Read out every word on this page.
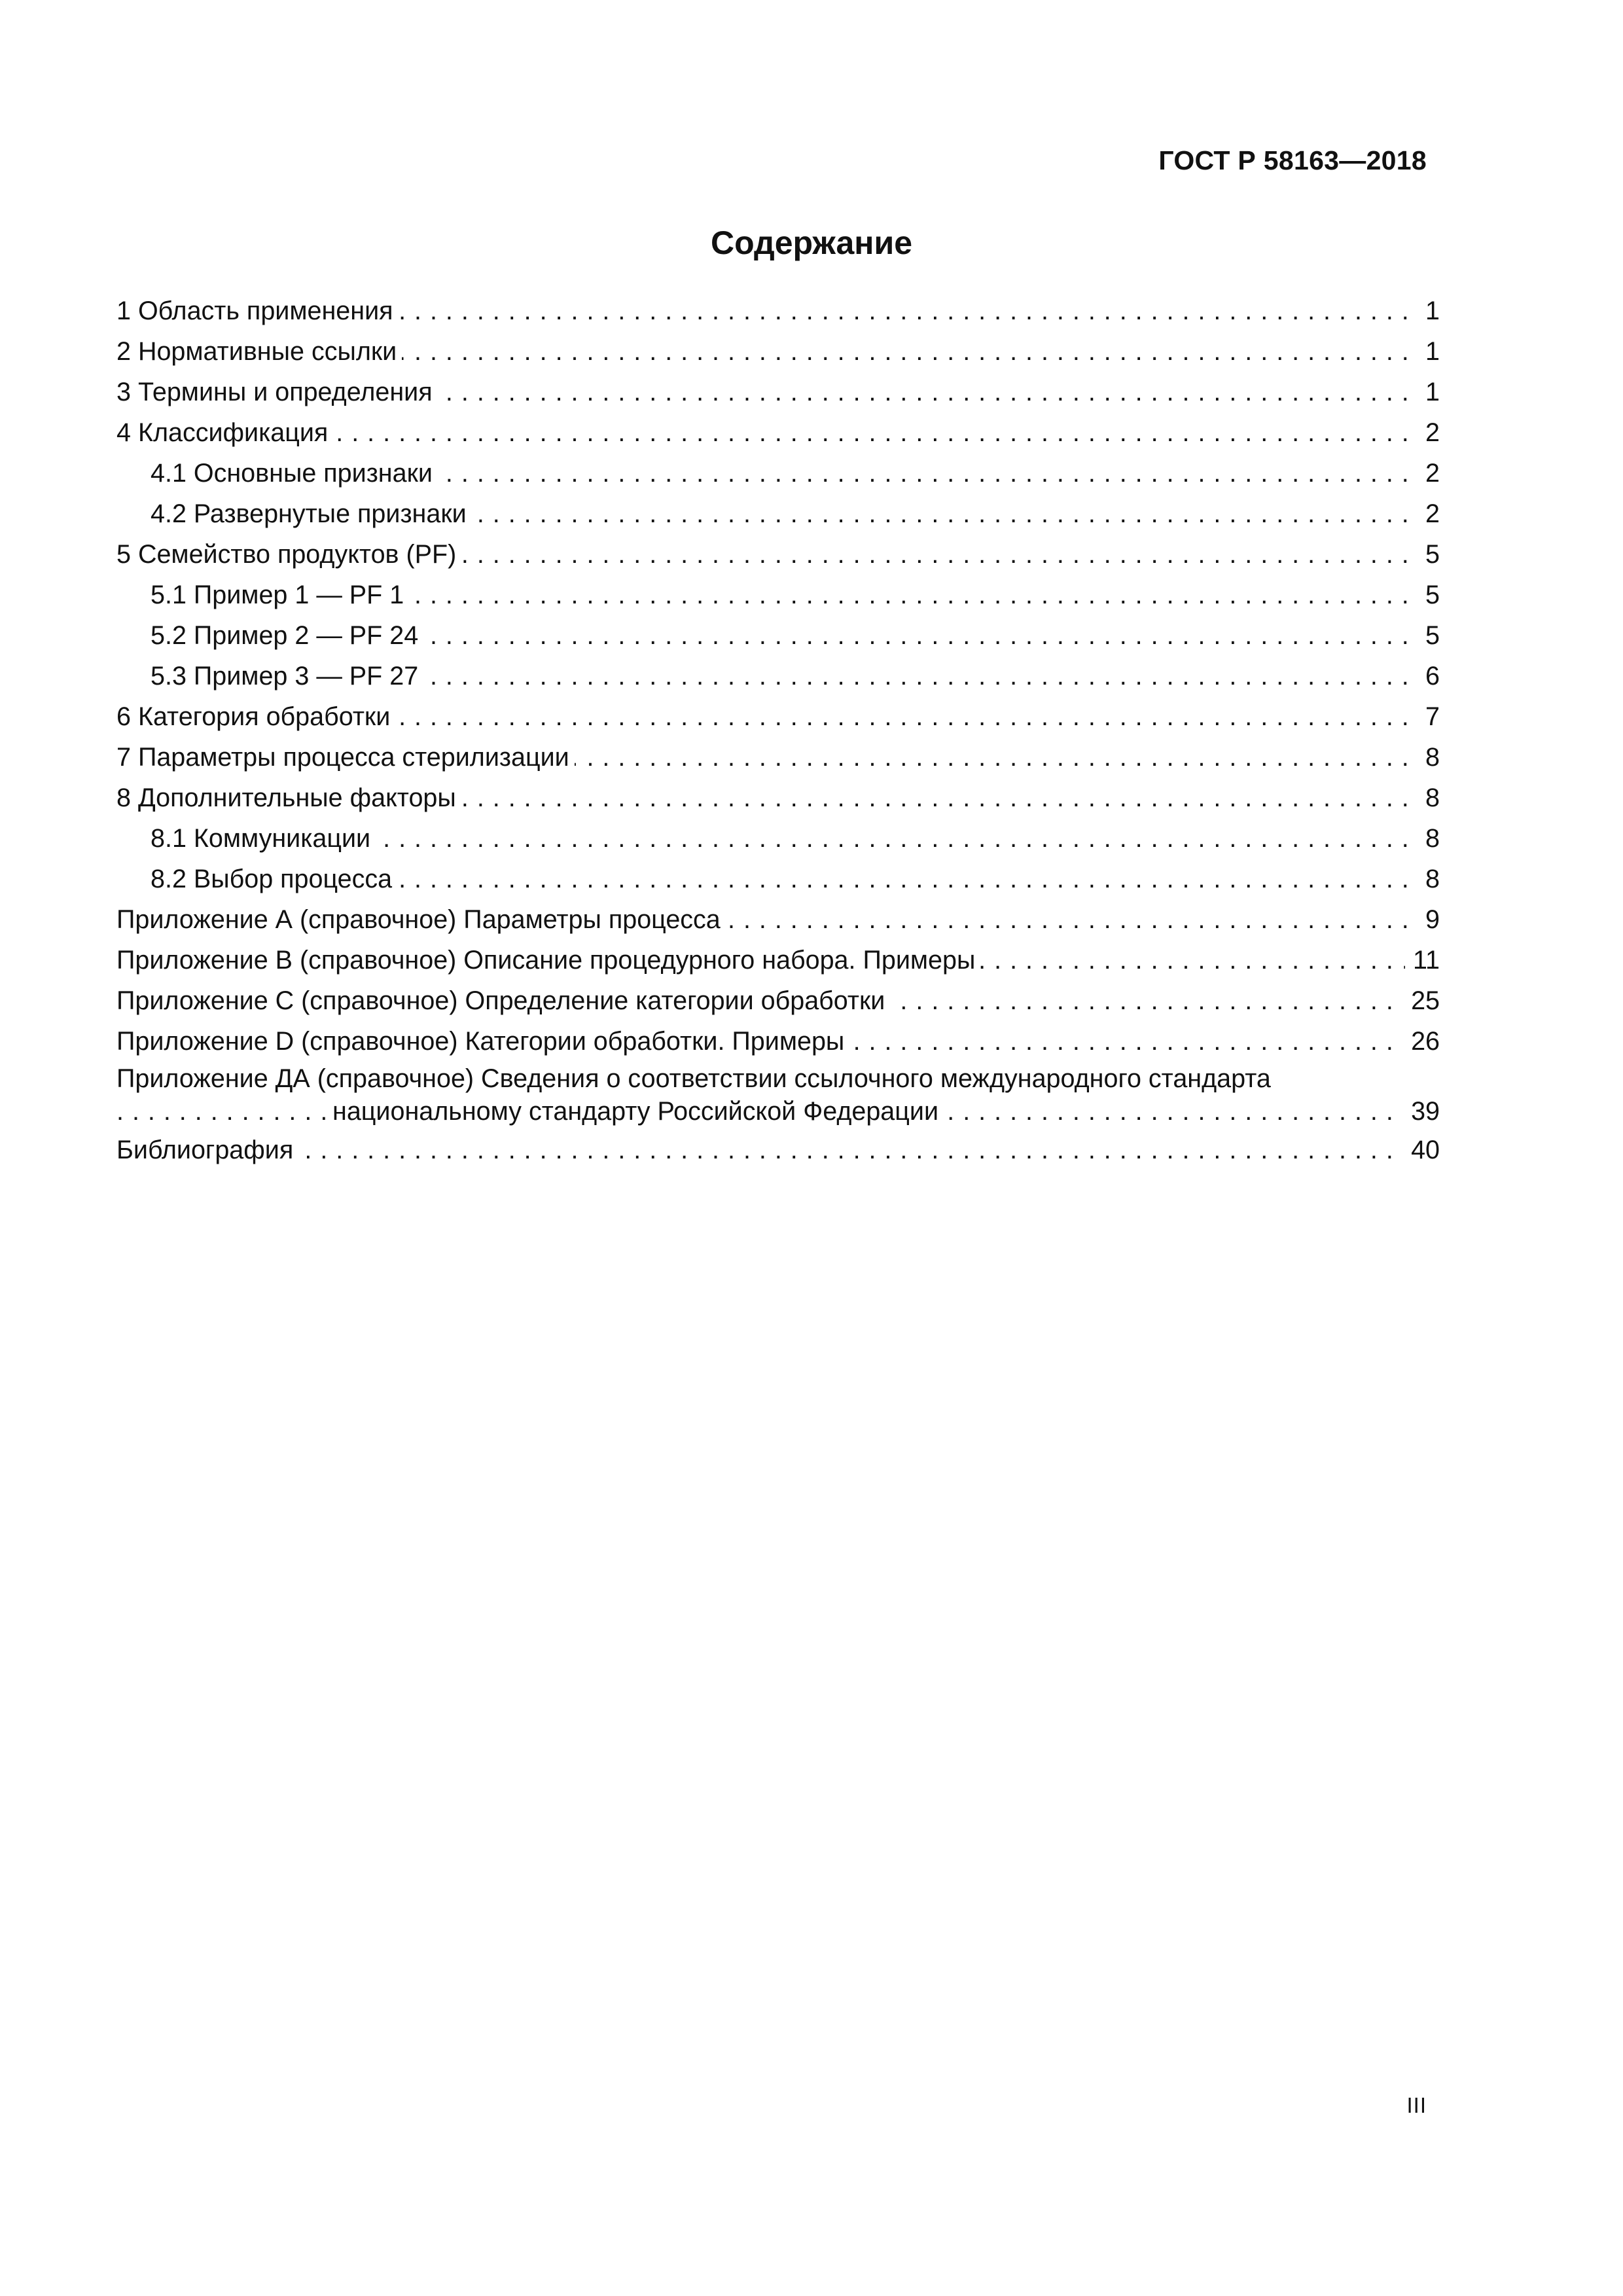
ГОСТ Р 58163—2018
Содержание
. . .
1 Область применения	1
. . .
2 Нормативные ссылки	1
. . .
3 Термины и определения	1
. . .
4 Классификация	2
. . .
4.1 Основные признаки	2
. . .
4.2 Развернутые признаки	2
. . .
5 Семейство продуктов (PF)	5
. . .
5.1 Пример 1 — PF 1	5
. . .
5.2 Пример 2 — PF 24	5
. . .
5.3 Пример 3 — PF 27	6
. . .
6 Категория обработки	7
. . .
7 Параметры процесса стерилизации	8
. . .
8 Дополнительные факторы	8
. . .
8.1 Коммуникации	8
. . .
8.2 Выбор процесса	8
. . .
Приложение А (справочное) Параметры процесса	9
. . .
Приложение В (справочное) Описание процедурного набора. Примеры	11
. . .
Приложение С (справочное) Определение категории обработки	25
. . .
Приложение D (справочное) Категории обработки. Примеры	26
Приложение ДА (справочное) Сведения о соответствии ссылочного международного стандарта
. . .
национальному стандарту Российской Федерации	39
. . .
Библиография	40
III
